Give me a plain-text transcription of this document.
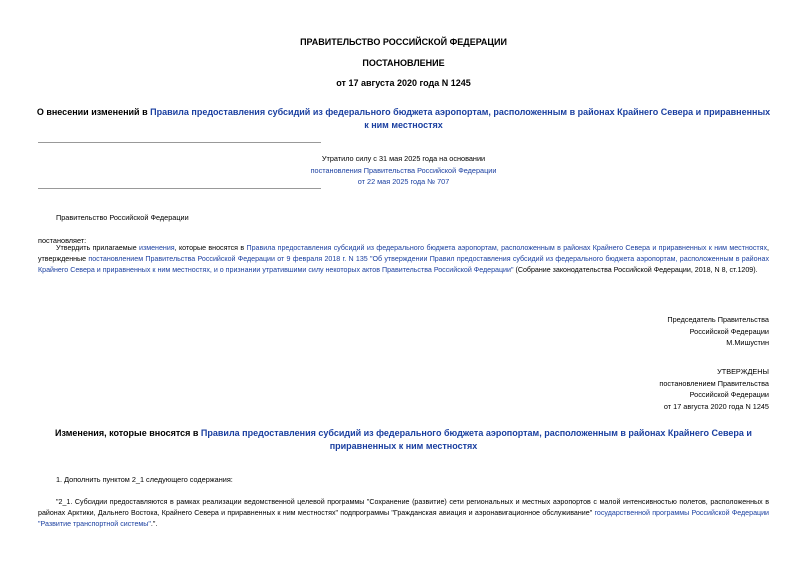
ПРАВИТЕЛЬСТВО РОССИЙСКОЙ ФЕДЕРАЦИИ
ПОСТАНОВЛЕНИЕ
от 17 августа 2020 года N 1245
О внесении изменений в Правила предоставления субсидий из федерального бюджета аэропортам, расположенным в районах Крайнего Севера и приравненных к ним местностях
Утратило силу с 31 мая 2025 года на основании
постановления Правительства Российской Федерации
от 22 мая 2025 года № 707
Правительство Российской Федерации
постановляет:
Утвердить прилагаемые изменения, которые вносятся в Правила предоставления субсидий из федерального бюджета аэропортам, расположенным в районах Крайнего Севера и приравненных к ним местностях, утвержденные постановлением Правительства Российской Федерации от 9 февраля 2018 г. N 135 "Об утверждении Правил предоставления субсидий из федерального бюджета аэропортам, расположенным в районах Крайнего Севера и приравненных к ним местностях, и о признании утратившими силу некоторых актов Правительства Российской Федерации" (Собрание законодательства Российской Федерации, 2018, N 8, ст.1209).
Председатель Правительства
Российской Федерации
М.Мишустин
УТВЕРЖДЕНЫ
постановлением Правительства
Российской Федерации
от 17 августа 2020 года N 1245
Изменения, которые вносятся в Правила предоставления субсидий из федерального бюджета аэропортам, расположенным в районах Крайнего Севера и приравненных к ним местностях
1. Дополнить пунктом 2_1 следующего содержания:
"2_1. Субсидии предоставляются в рамках реализации ведомственной целевой программы "Сохранение (развитие) сети региональных и местных аэропортов с малой интенсивностью полетов, расположенных в районах Арктики, Дальнего Востока, Крайнего Севера и приравненных к ним местностях" подпрограммы "Гражданская авиация и аэронавигационное обслуживание" государственной программы Российской Федерации "Развитие транспортной системы".".
